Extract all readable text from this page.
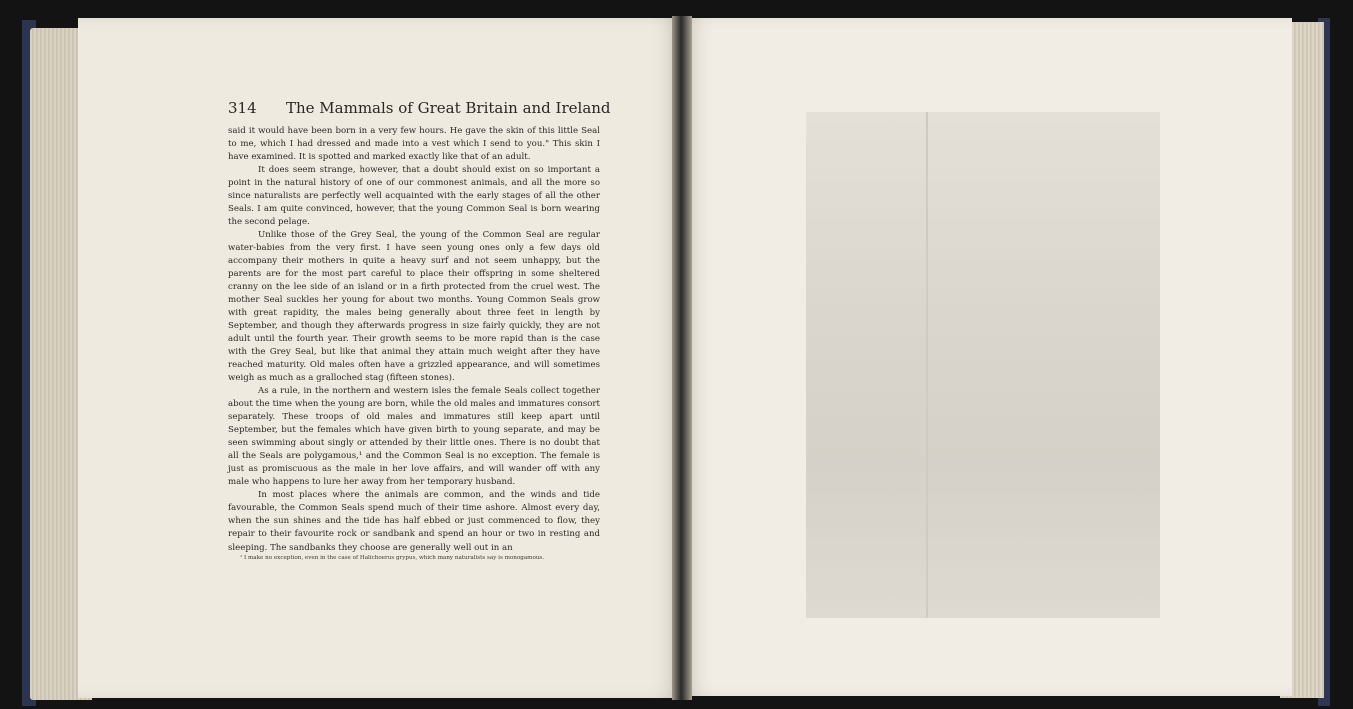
314 The Mammals of Great Britain and Ireland

said it would have been born in a very few hours. He gave the skin of this little Seal to me, which I had dressed and made into a vest which I send to you." This skin I have examined. It is spotted and marked exactly like that of an adult.

It does seem strange, however, that a doubt should exist on so important a point in the natural history of one of our commonest animals, and all the more so since naturalists are perfectly well acquainted with the early stages of all the other Seals. I am quite convinced, however, that the young Common Seal is born wearing the second pelage.

Unlike those of the Grey Seal, the young of the Common Seal are regular water-babies from the very first. I have seen young ones only a few days old accompany their mothers in quite a heavy surf and not seem unhappy, but the parents are for the most part careful to place their offspring in some sheltered cranny on the lee side of an island or in a firth protected from the cruel west. The mother Seal suckles her young for about two months. Young Common Seals grow with great rapidity, the males being generally about three feet in length by September, and though they afterwards progress in size fairly quickly, they are not adult until the fourth year. Their growth seems to be more rapid than is the case with the Grey Seal, but like that animal they attain much weight after they have reached maturity. Old males often have a grizzled appearance, and will sometimes weigh as much as a gralloched stag (fifteen stones).

As a rule, in the northern and western isles the female Seals collect together about the time when the young are born, while the old males and immatures consort separately. These troops of old males and immatures still keep apart until September, but the females which have given birth to young separate, and may be seen swimming about singly or attended by their little ones. There is no doubt that all the Seals are polygamous,¹ and the Common Seal is no exception. The female is just as promiscuous as the male in her love affairs, and will wander off with any male who happens to lure her away from her temporary husband.

In most places where the animals are common, and the winds and tide favourable, the Common Seals spend much of their time ashore. Almost every day, when the sun shines and the tide has half ebbed or just commenced to flow, they repair to their favourite rock or sandbank and spend an hour or two in resting and sleeping. The sandbanks they choose are generally well out in an

¹ I make no exception, even in the case of Halichoerus grypus, which many naturalists say is monogamous.
